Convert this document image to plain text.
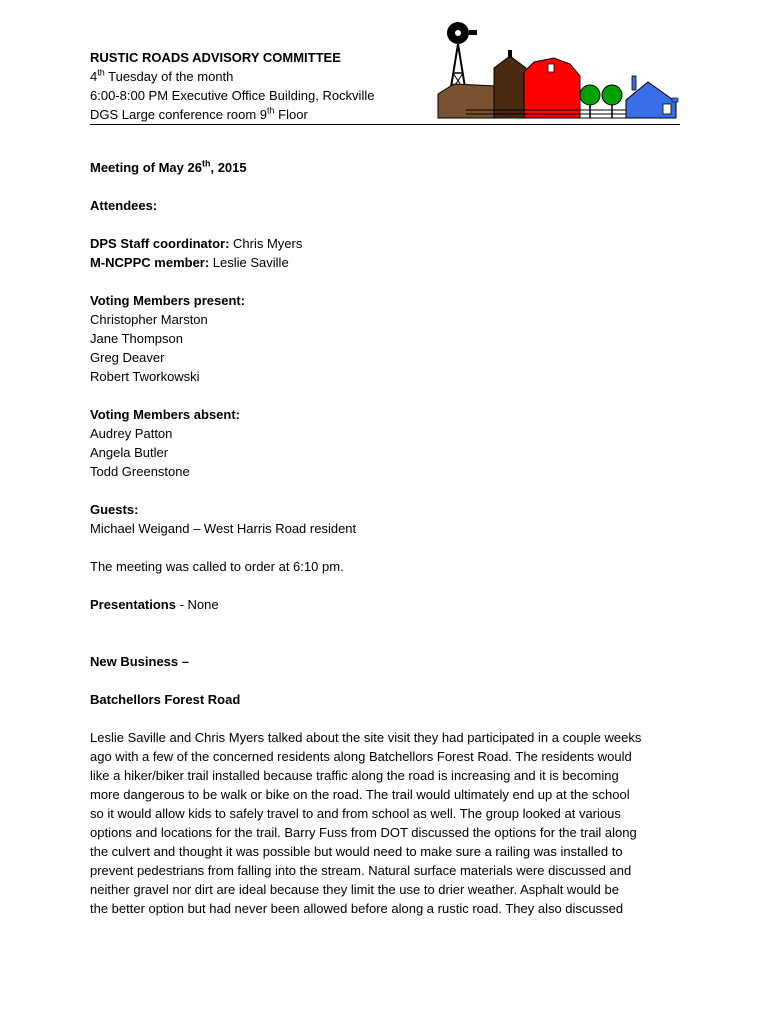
RUSTIC ROADS ADVISORY COMMITTEE
4th Tuesday of the month
6:00-8:00 PM Executive Office Building, Rockville
DGS Large conference room 9th Floor

Meeting of May 26th, 2015

Attendees:

DPS Staff coordinator: Chris Myers

M-NCPPC member: Leslie Saville

Voting Members present:

Christopher Marston

Jane Thompson

Greg Deaver

Robert Tworkowski

Voting Members absent:

Audrey Patton

Angela Butler

Todd Greenstone

Guests:

Michael Weigand – West Harris Road resident

The meeting was called to order at 6:10 pm.

Presentations - None

New Business –

Batchellors Forest Road

Leslie Saville and Chris Myers talked about the site visit they had participated in a couple weeks

ago with a few of the concerned residents along Batchellors Forest Road. The residents would

like a hiker/biker trail installed because traffic along the road is increasing and it is becoming

more dangerous to be walk or bike on the road. The trail would ultimately end up at the school

so it would allow kids to safely travel to and from school as well. The group looked at various

options and locations for the trail. Barry Fuss from DOT discussed the options for the trail along

the culvert and thought it was possible but would need to make sure a railing was installed to

prevent pedestrians from falling into the stream. Natural surface materials were discussed and

neither gravel nor dirt are ideal because they limit the use to drier weather. Asphalt would be

the better option but had never been allowed before along a rustic road. They also discussed
